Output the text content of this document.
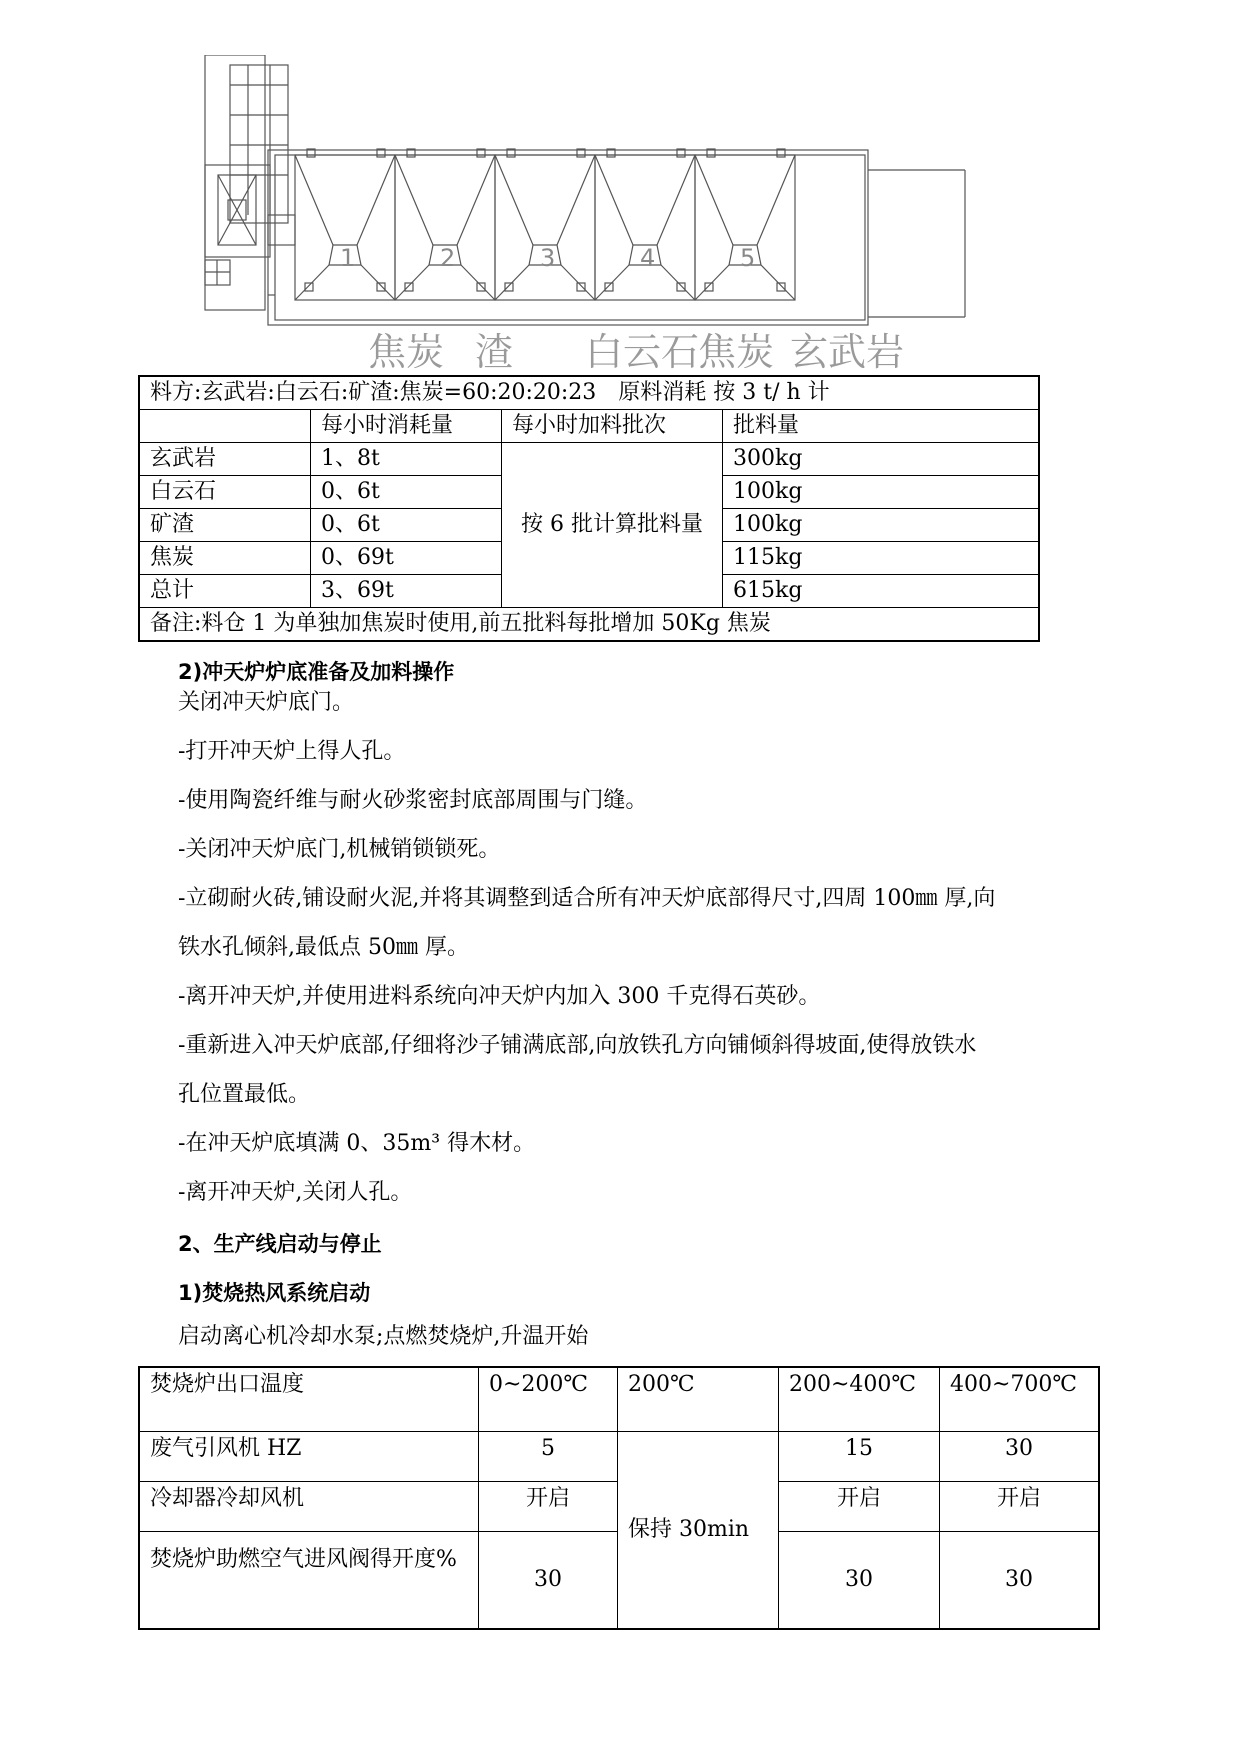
1	2	3	4	5
焦炭 渣 白云石
焦炭 玄武岩
料方:玄武岩:白云石:矿渣:焦炭=60:20:20:23　原料消耗 按 3 t/ h 计			
	每小时消耗量	每小时加料批次	批料量
玄武岩	1、8t	按 6 批计算批料量	300kg
白云石	0、6t		100kg
矿渣	0、6t		100kg
焦炭	0、69t		115kg
总计	3、69t		615kg
备注:料仓 1 为单独加焦炭时使用,前五批料每批增加 50Kg 焦炭			
2)冲天炉炉底准备及加料操作
关闭冲天炉底门。
-打开冲天炉上得人孔。
-使用陶瓷纤维与耐火砂浆密封底部周围与门缝。
-关闭冲天炉底门,机械销锁锁死。
-立砌耐火砖,铺设耐火泥,并将其调整到适合所有冲天炉底部得尺寸,四周 100㎜ 厚,向
铁水孔倾斜,最低点 50㎜ 厚。
-离开冲天炉,并使用进料系统向冲天炉内加入 300 千克得石英砂。
-重新进入冲天炉底部,仔细将沙子铺满底部,向放铁孔方向铺倾斜得坡面,使得放铁水
孔位置最低。
-在冲天炉底填满 0、35m³ 得木材。
-离开冲天炉,关闭人孔。
2、生产线启动与停止
1)焚烧热风系统启动
启动离心机冷却水泵;点燃焚烧炉,升温开始
焚烧炉出口温度	0~200℃	200℃	200~400℃	400~700℃
废气引风机 HZ	5	保持 30min	15	30
冷却器冷却风机	开启		开启	开启
焚烧炉助燃空气进风阀得开度%	30		30	30
